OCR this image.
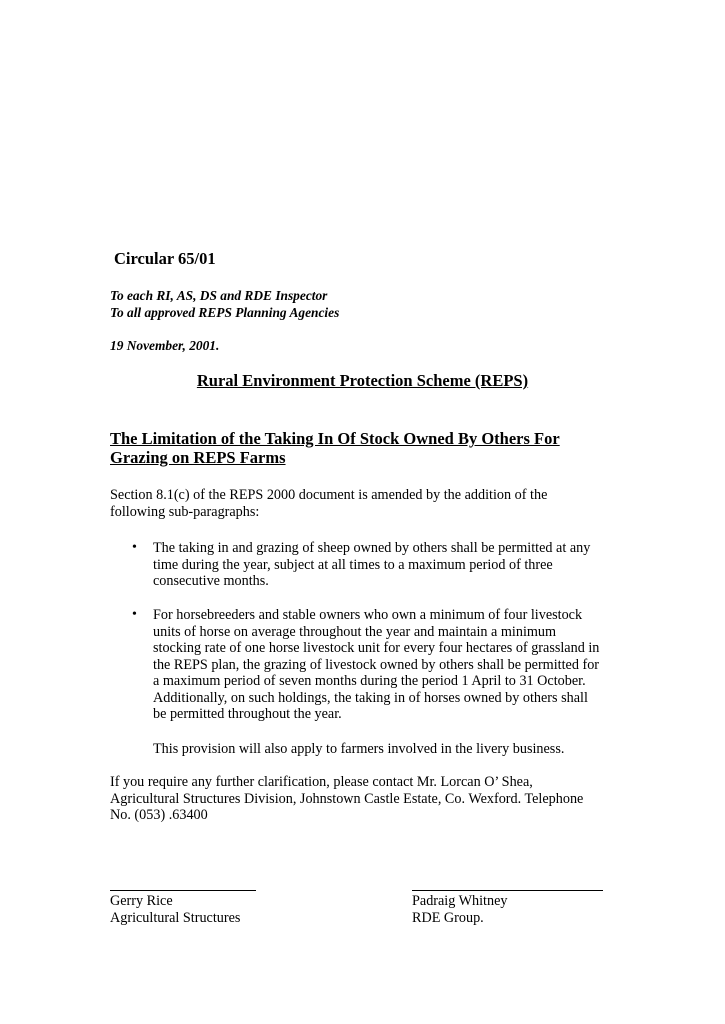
Circular 65/01
To each RI, AS, DS and RDE Inspector
To all approved REPS Planning Agencies
19 November, 2001.
Rural Environment Protection Scheme (REPS)
The Limitation of the Taking In Of Stock Owned By Others For
Grazing on REPS Farms
Section 8.1(c) of the REPS 2000 document is amended by the addition of the
following sub-paragraphs:
• The taking in and grazing of sheep owned by others shall be permitted at any
time during the year, subject at all times to a maximum period of three
consecutive months.
• For horsebreeders and stable owners who own a minimum of four livestock
units of horse on average throughout the year and maintain a minimum
stocking rate of one horse livestock unit for every four hectares of grassland in
the REPS plan, the grazing of livestock owned by others shall be permitted for
a maximum period of seven months during the period 1 April to 31 October.
Additionally, on such holdings, the taking in of horses owned by others shall
be permitted throughout the year.
This provision will also apply to farmers involved in the livery business.
If you require any further clarification, please contact Mr. Lorcan O’ Shea,
Agricultural Structures Division, Johnstown Castle Estate, Co. Wexford. Telephone
No. (053) .63400
Gerry Rice
Agricultural Structures
Padraig Whitney
RDE Group.
